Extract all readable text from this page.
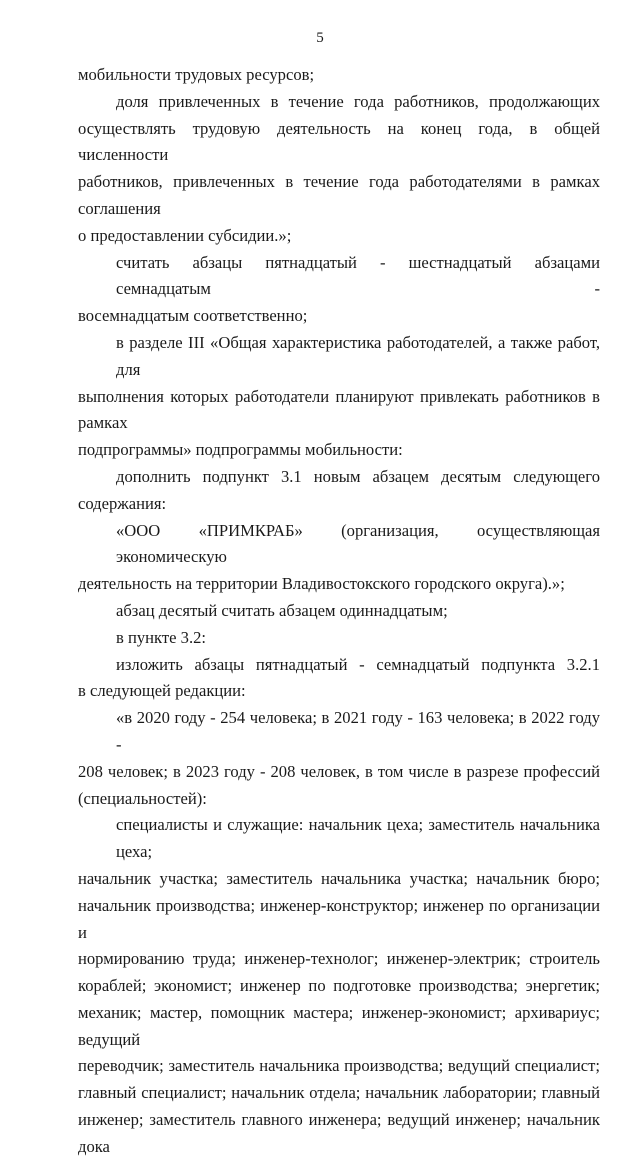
5
мобильности трудовых ресурсов;
доля привлеченных в течение года работников, продолжающих
осуществлять трудовую деятельность на конец года, в общей численности
работников, привлеченных в течение года работодателями в рамках соглашения
о предоставлении субсидии.»;
считать абзацы пятнадцатый - шестнадцатый абзацами семнадцатым -
восемнадцатым соответственно;
в разделе III «Общая характеристика работодателей, а также работ, для
выполнения которых работодатели планируют привлекать работников в рамках
подпрограммы» подпрограммы мобильности:
дополнить подпункт 3.1 новым абзацем десятым следующего
содержания:
«ООО «ПРИМКРАБ» (организация, осуществляющая экономическую
деятельность на территории Владивостокского городского округа).»;
абзац десятый считать абзацем одиннадцатым;
в пункте 3.2:
изложить абзацы пятнадцатый - семнадцатый подпункта 3.2.1
в следующей редакции:
«в 2020 году - 254 человека; в 2021 году - 163 человека; в 2022 году -
208 человек; в 2023 году - 208 человек, в том числе в разрезе профессий
(специальностей):
специалисты и служащие: начальник цеха; заместитель начальника цеха;
начальник участка; заместитель начальника участка; начальник бюро;
начальник производства; инженер-конструктор; инженер по организации и
нормированию труда; инженер-технолог; инженер-электрик; строитель
кораблей; экономист; инженер по подготовке производства; энергетик;
механик; мастер, помощник мастера; инженер-экономист; архивариус; ведущий
переводчик; заместитель начальника производства; ведущий специалист;
главный специалист; начальник отдела; начальник лаборатории; главный
инженер; заместитель главного инженера; ведущий инженер; начальник дока
